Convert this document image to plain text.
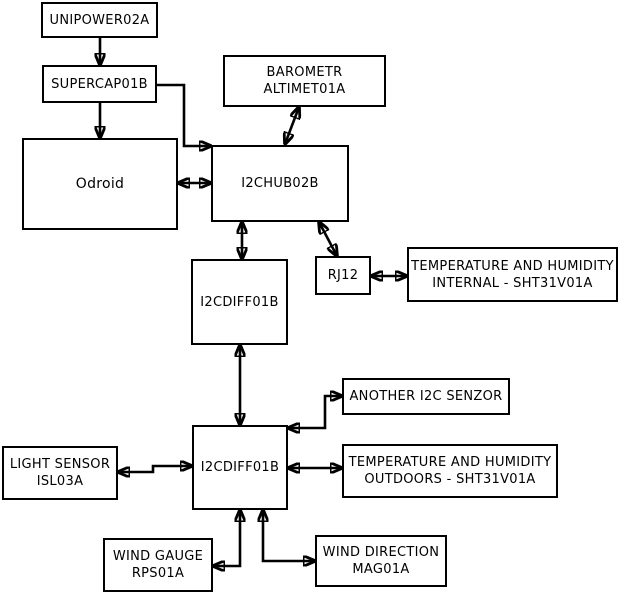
UNIPOWER02A
SUPERCAP01B
Odroid
BAROMETR
ALTIMET01A
I2CHUB02B
RJ12
TEMPERATURE AND HUMIDITY
INTERNAL - SHT31V01A
I2CDIFF01B
ANOTHER I2C SENZOR
I2CDIFF01B
LIGHT SENSOR
ISL03A
TEMPERATURE AND HUMIDITY
OUTDOORS - SHT31V01A
WIND GAUGE
RPS01A
WIND DIRECTION
MAG01A
